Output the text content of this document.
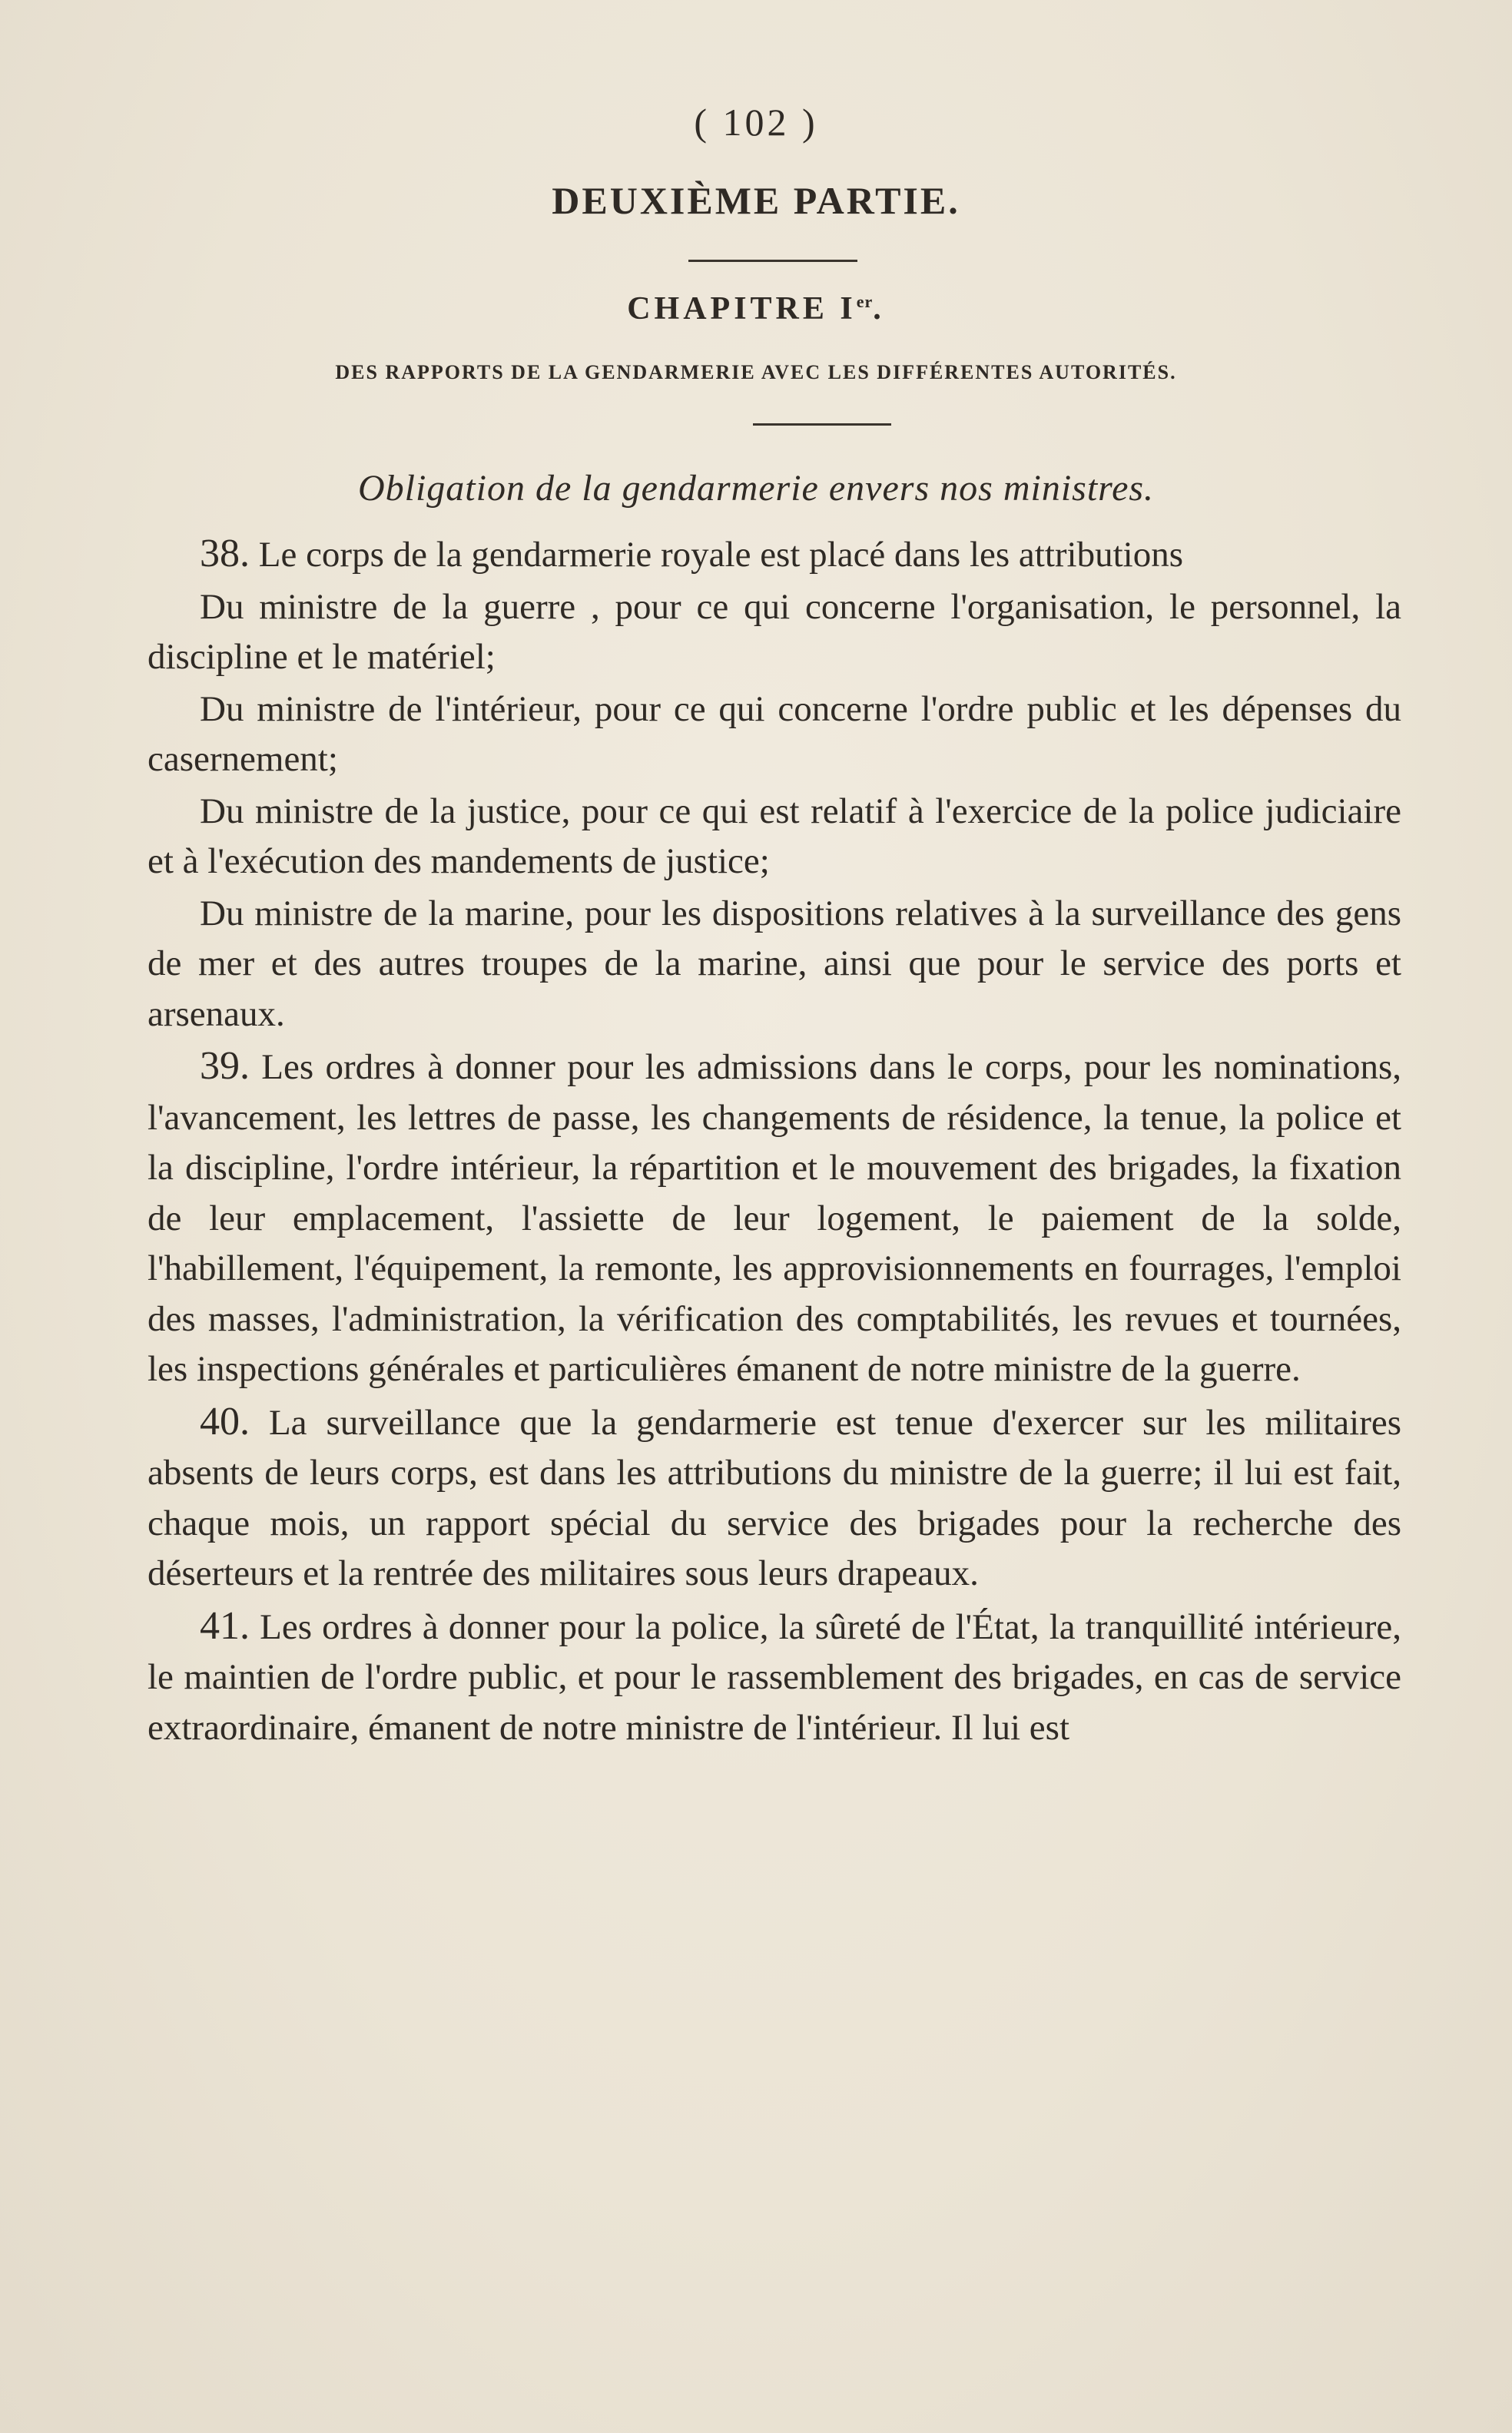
( 102 )
DEUXIÈME PARTIE.
CHAPITRE Ier.
DES RAPPORTS DE LA GENDARMERIE AVEC LES DIFFÉRENTES AUTORITÉS.
Obligation de la gendarmerie envers nos ministres.

38. Le corps de la gendarmerie royale est placé dans les attributions

Du ministre de la guerre , pour ce qui concerne l'organisation, le personnel, la discipline et le matériel;

Du ministre de l'intérieur, pour ce qui concerne l'ordre public et les dépenses du casernement;

Du ministre de la justice, pour ce qui est relatif à l'exercice de la police judiciaire et à l'exécution des mandements de justice;

Du ministre de la marine, pour les dispositions relatives à la surveillance des gens de mer et des autres troupes de la marine, ainsi que pour le service des ports et arsenaux.

39. Les ordres à donner pour les admissions dans le corps, pour les nominations, l'avancement, les lettres de passe, les changements de résidence, la tenue, la police et la discipline, l'ordre intérieur, la répartition et le mouvement des brigades, la fixation de leur emplacement, l'assiette de leur logement, le paiement de la solde, l'habillement, l'équipement, la remonte, les approvisionnements en fourrages, l'emploi des masses, l'administration, la vérification des comptabilités, les revues et tournées, les inspections générales et particulières émanent de notre ministre de la guerre.

40. La surveillance que la gendarmerie est tenue d'exercer sur les militaires absents de leurs corps, est dans les attributions du ministre de la guerre; il lui est fait, chaque mois, un rapport spécial du service des brigades pour la recherche des déserteurs et la rentrée des militaires sous leurs drapeaux.

41. Les ordres à donner pour la police, la sûreté de l'État, la tranquillité intérieure, le maintien de l'ordre public, et pour le rassemblement des brigades, en cas de service extraordinaire, émanent de notre ministre de l'intérieur. Il lui est
